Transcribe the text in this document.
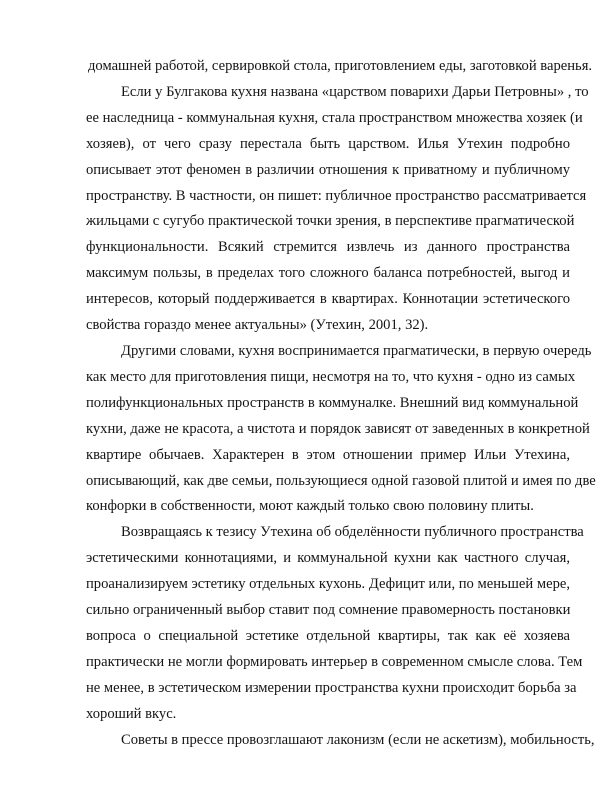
домашней работой, сервировкой стола, приготовлением еды, заготовкой варенья.
Если у Булгакова кухня названа «царством поварихи Дарьи Петровны» , то
ее наследница - коммунальная кухня, стала пространством множества хозяек (и
хозяев), от чего сразу перестала быть царством. Илья Утехин подробно
описывает этот феномен в различии отношения к приватному и публичному
пространству. В частности, он пишет: публичное пространство рассматривается
жильцами с сугубо практической точки зрения, в перспективе прагматической
функциональности. Всякий стремится извлечь из данного пространства
максимум пользы, в пределах того сложного баланса потребностей, выгод и
интересов, который поддерживается в квартирах. Коннотации эстетического
свойства гораздо менее актуальны» (Утехин, 2001, 32).
Другими словами, кухня воспринимается прагматически, в первую очередь
как место для приготовления пищи, несмотря на то, что кухня - одно из самых
полифункциональных пространств в коммуналке. Внешний вид коммунальной
кухни, даже не красота, а чистота и порядок зависят от заведенных в конкретной
квартире обычаев. Характерен в этом отношении пример Ильи Утехина,
описывающий, как две семьи, пользующиеся одной газовой плитой и имея по две
конфорки в собственности, моют каждый только свою половину плиты.
Возвращаясь к тезису Утехина об обделённости публичного пространства
эстетическими коннотациями, и коммунальной кухни как частного случая,
проанализируем эстетику отдельных кухонь. Дефицит или, по меньшей мере,
сильно ограниченный выбор ставит под сомнение правомерность постановки
вопроса о специальной эстетике отдельной квартиры, так как её хозяева
практически не могли формировать интерьер в современном смысле слова. Тем
не менее, в эстетическом измерении пространства кухни происходит борьба за
хороший вкус.
Советы в прессе провозглашают лаконизм (если не аскетизм), мобильность,
